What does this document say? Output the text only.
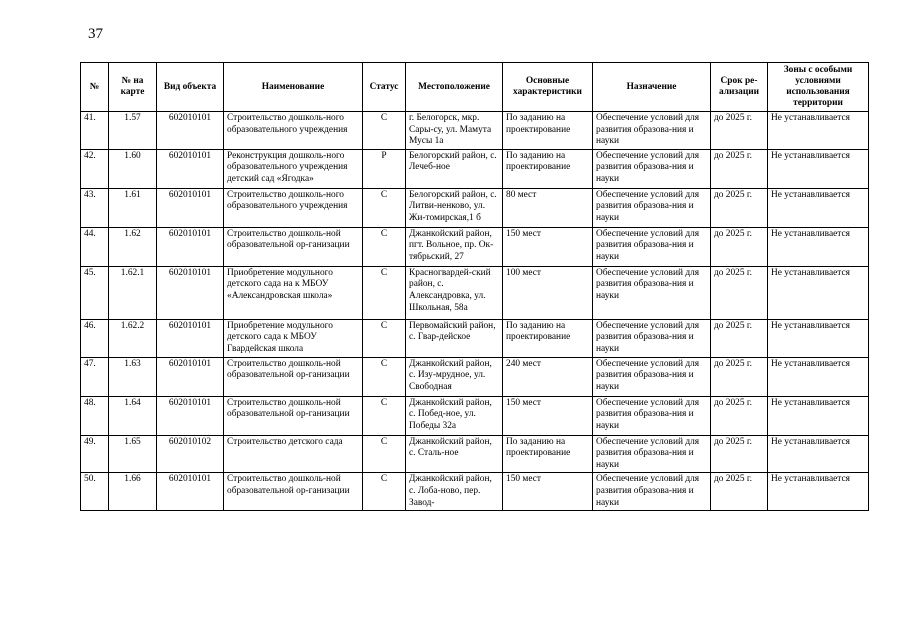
37
№	№ на карте	Вид объекта	Наименование	Статус	Местоположение	Основные характеристики	Назначение	Срок ре-ализации	Зоны с особыми условиями использования территории
41.	1.57	602010101	Строительство дошколь-ного образовательного учреждения	С	г. Белогорск, мкр. Сары-су, ул. Мамута Мусы 1а	По заданию на проектирование	Обеспечение условий для развития образова-ния и науки	до 2025 г.	Не устанавливается
42.	1.60	602010101	Реконструкция дошколь-ного образовательного учреждения детский сад «Ягодка»	Р	Белогорский район, с. Лечеб-ное	По заданию на проектирование	Обеспечение условий для развития образова-ния и науки	до 2025 г.	Не устанавливается
43.	1.61	602010101	Строительство дошколь-ного образовательного учреждения	С	Белогорский район, с. Литви-ненково, ул. Жи-томирская,1 б	80 мест	Обеспечение условий для развития образова-ния и науки	до 2025 г.	Не устанавливается
44.	1.62	602010101	Строительство дошколь-ной образовательной ор-ганизации	С	Джанкойский район, пгт. Вольное, пр. Ок-тябрьский, 27	150 мест	Обеспечение условий для развития образова-ния и науки	до 2025 г.	Не устанавливается
45.	1.62.1	602010101	Приобретение модульного детского сада на к МБОУ «Александровская школа»	С	Красногвардей-ский район, с. Александровка, ул. Школьная, 58а	100 мест	Обеспечение условий для развития образова-ния и науки	до 2025 г.	Не устанавливается
46.	1.62.2	602010101	Приобретение модульного детского сада к МБОУ Гвардейская школа	С	Первомайский район, с. Гвар-дейское	По заданию на проектирование	Обеспечение условий для развития образова-ния и науки	до 2025 г.	Не устанавливается
47.	1.63	602010101	Строительство дошколь-ной образовательной ор-ганизации	С	Джанкойский район, с. Изу-мрудное, ул. Свободная	240 мест	Обеспечение условий для развития образова-ния и науки	до 2025 г.	Не устанавливается
48.	1.64	602010101	Строительство дошколь-ной образовательной ор-ганизации	С	Джанкойский район, с. Побед-ное, ул. Победы 32а	150 мест	Обеспечение условий для развития образова-ния и науки	до 2025 г.	Не устанавливается
49.	1.65	602010102	Строительство детского сада	С	Джанкойский район, с. Сталь-ное	По заданию на проектирование	Обеспечение условий для развития образова-ния и науки	до 2025 г.	Не устанавливается
50.	1.66	602010101	Строительство дошколь-ной образовательной ор-ганизации	С	Джанкойский район, с. Лоба-ново, пер. Завод-	150 мест	Обеспечение условий для развития образова-ния и науки	до 2025 г.	Не устанавливается
